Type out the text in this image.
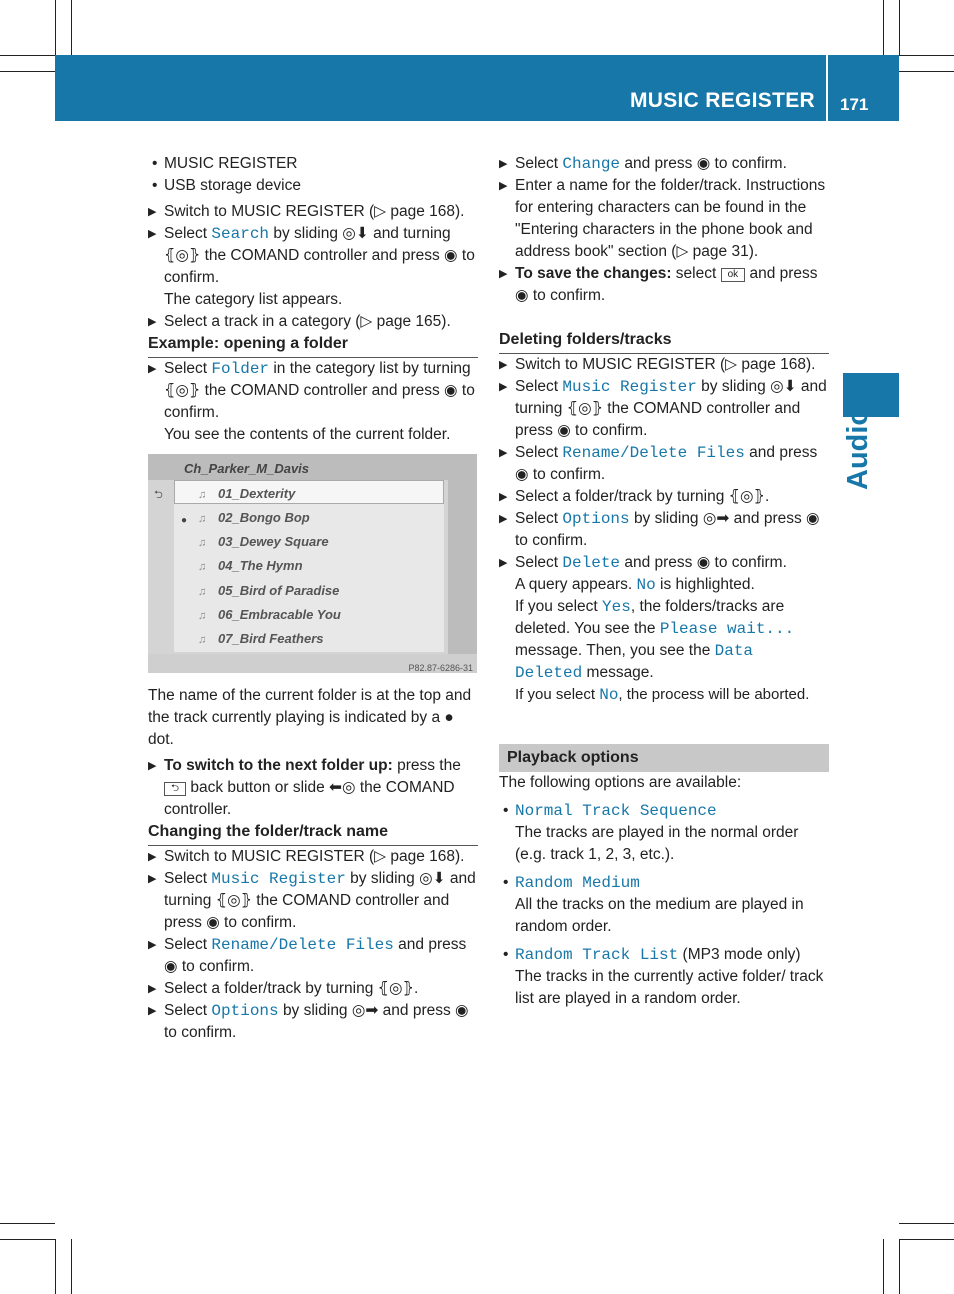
MUSIC REGISTER 171
Audio

• MUSIC REGISTER

• USB storage device

▶ Switch to MUSIC REGISTER (▷ page 168).

▶ Select Search by sliding ◎⬇ and turning ⦃◎⦄ the COMAND controller and press ◉ to confirm.

The category list appears.

▶ Select a track in a category (▷ page 165).

Example: opening a folder

▶ Select Folder in the category list by turning ⦃◎⦄ the COMAND controller and press ◉ to confirm.

You see the contents of the current folder.

⮌
Ch_Parker_M_Davis
●
♫ 01_Dexterity
♫ 02_Bongo Bop
♫ 03_Dewey Square
♫ 04_The Hymn
♫ 05_Bird of Paradise
♫ 06_Embracable You
♫ 07_Bird Feathers
P82.87-6286-31

The name of the current folder is at the top and the track currently playing is indicated by a ● dot.

▶ To switch to the next folder up: press the ⮌ back button or slide ⬅◎ the COMAND controller.

Changing the folder/track name

▶ Switch to MUSIC REGISTER (▷ page 168).

▶ Select Music Register by sliding ◎⬇ and turning ⦃◎⦄ the COMAND controller and press ◉ to confirm.

▶ Select Rename/Delete Files and press ◉ to confirm.

▶ Select a folder/track by turning ⦃◎⦄.

▶ Select Options by sliding ◎➡ and press ◉ to confirm.

▶ Select Change and press ◉ to confirm.

▶ Enter a name for the folder/track. Instructions for entering characters can be found in the "Entering characters in the phone book and address book" section (▷ page 31).

▶ To save the changes: select ok and press ◉ to confirm.

Deleting folders/tracks

▶ Switch to MUSIC REGISTER (▷ page 168).

▶ Select Music Register by sliding ◎⬇ and turning ⦃◎⦄ the COMAND controller and press ◉ to confirm.

▶ Select Rename/Delete Files and press ◉ to confirm.

▶ Select a folder/track by turning ⦃◎⦄.

▶ Select Options by sliding ◎➡ and press ◉ to confirm.

▶ Select Delete and press ◉ to confirm.

A query appears. No is highlighted.

If you select Yes, the folders/tracks are deleted. You see the Please wait... message. Then, you see the Data Deleted message.

If you select No, the process will be aborted.

Playback options

The following options are available:

• Normal Track Sequence

The tracks are played in the normal order (e.g. track 1, 2, 3, etc.).

• Random Medium

All the tracks on the medium are played in random order.

• Random Track List (MP3 mode only)

The tracks in the currently active folder/ track list are played in a random order.
